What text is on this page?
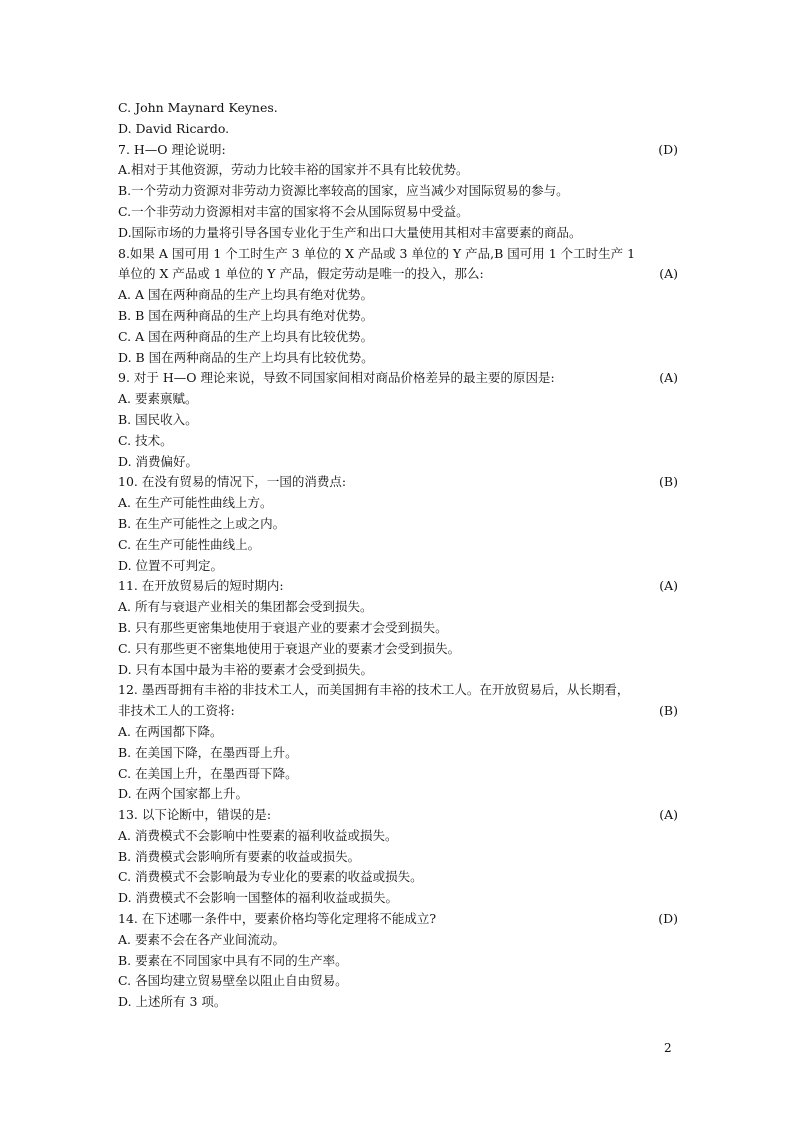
C. John Maynard Keynes.
D. David Ricardo.
7. H—O 理论说明:	(D)
A.相对于其他资源，劳动力比较丰裕的国家并不具有比较优势。
B.一个劳动力资源对非劳动力资源比率较高的国家，应当减少对国际贸易的参与。
C.一个非劳动力资源相对丰富的国家将不会从国际贸易中受益。
D.国际市场的力量将引导各国专业化于生产和出口大量使用其相对丰富要素的商品。
8.如果 A 国可用 1 个工时生产 3 单位的 X 产品或 3 单位的 Y 产品,B 国可用 1 个工时生产 1
单位的 X 产品或 1 单位的 Y 产品，假定劳动是唯一的投入，那么:	(A)
A. A 国在两种商品的生产上均具有绝对优势。
B. B 国在两种商品的生产上均具有绝对优势。
C. A 国在两种商品的生产上均具有比较优势。
D. B 国在两种商品的生产上均具有比较优势。
9. 对于 H—O 理论来说，导致不同国家间相对商品价格差异的最主要的原因是:	(A)
A. 要素禀赋。
B. 国民收入。
C. 技术。
D. 消费偏好。
10. 在没有贸易的情况下，一国的消费点:	(B)
A. 在生产可能性曲线上方。
B. 在生产可能性之上或之内。
C. 在生产可能性曲线上。
D. 位置不可判定。
11. 在开放贸易后的短时期内:	(A)
A. 所有与衰退产业相关的集团都会受到损失。
B. 只有那些更密集地使用于衰退产业的要素才会受到损失。
C. 只有那些更不密集地使用于衰退产业的要素才会受到损失。
D. 只有本国中最为丰裕的要素才会受到损失。
12. 墨西哥拥有丰裕的非技术工人，而美国拥有丰裕的技术工人。在开放贸易后，从长期看，
非技术工人的工资将:	(B)
A. 在两国都下降。
B. 在美国下降，在墨西哥上升。
C. 在美国上升，在墨西哥下降。
D. 在两个国家都上升。
13. 以下论断中，错误的是:	(A)
A. 消费模式不会影响中性要素的福利收益或损失。
B. 消费模式会影响所有要素的收益或损失。
C. 消费模式不会影响最为专业化的要素的收益或损失。
D. 消费模式不会影响一国整体的福利收益或损失。
14. 在下述哪一条件中，要素价格均等化定理将不能成立?	(D)
A. 要素不会在各产业间流动。
B. 要素在不同国家中具有不同的生产率。
C. 各国均建立贸易壁垒以阻止自由贸易。
D. 上述所有 3 项。
2
